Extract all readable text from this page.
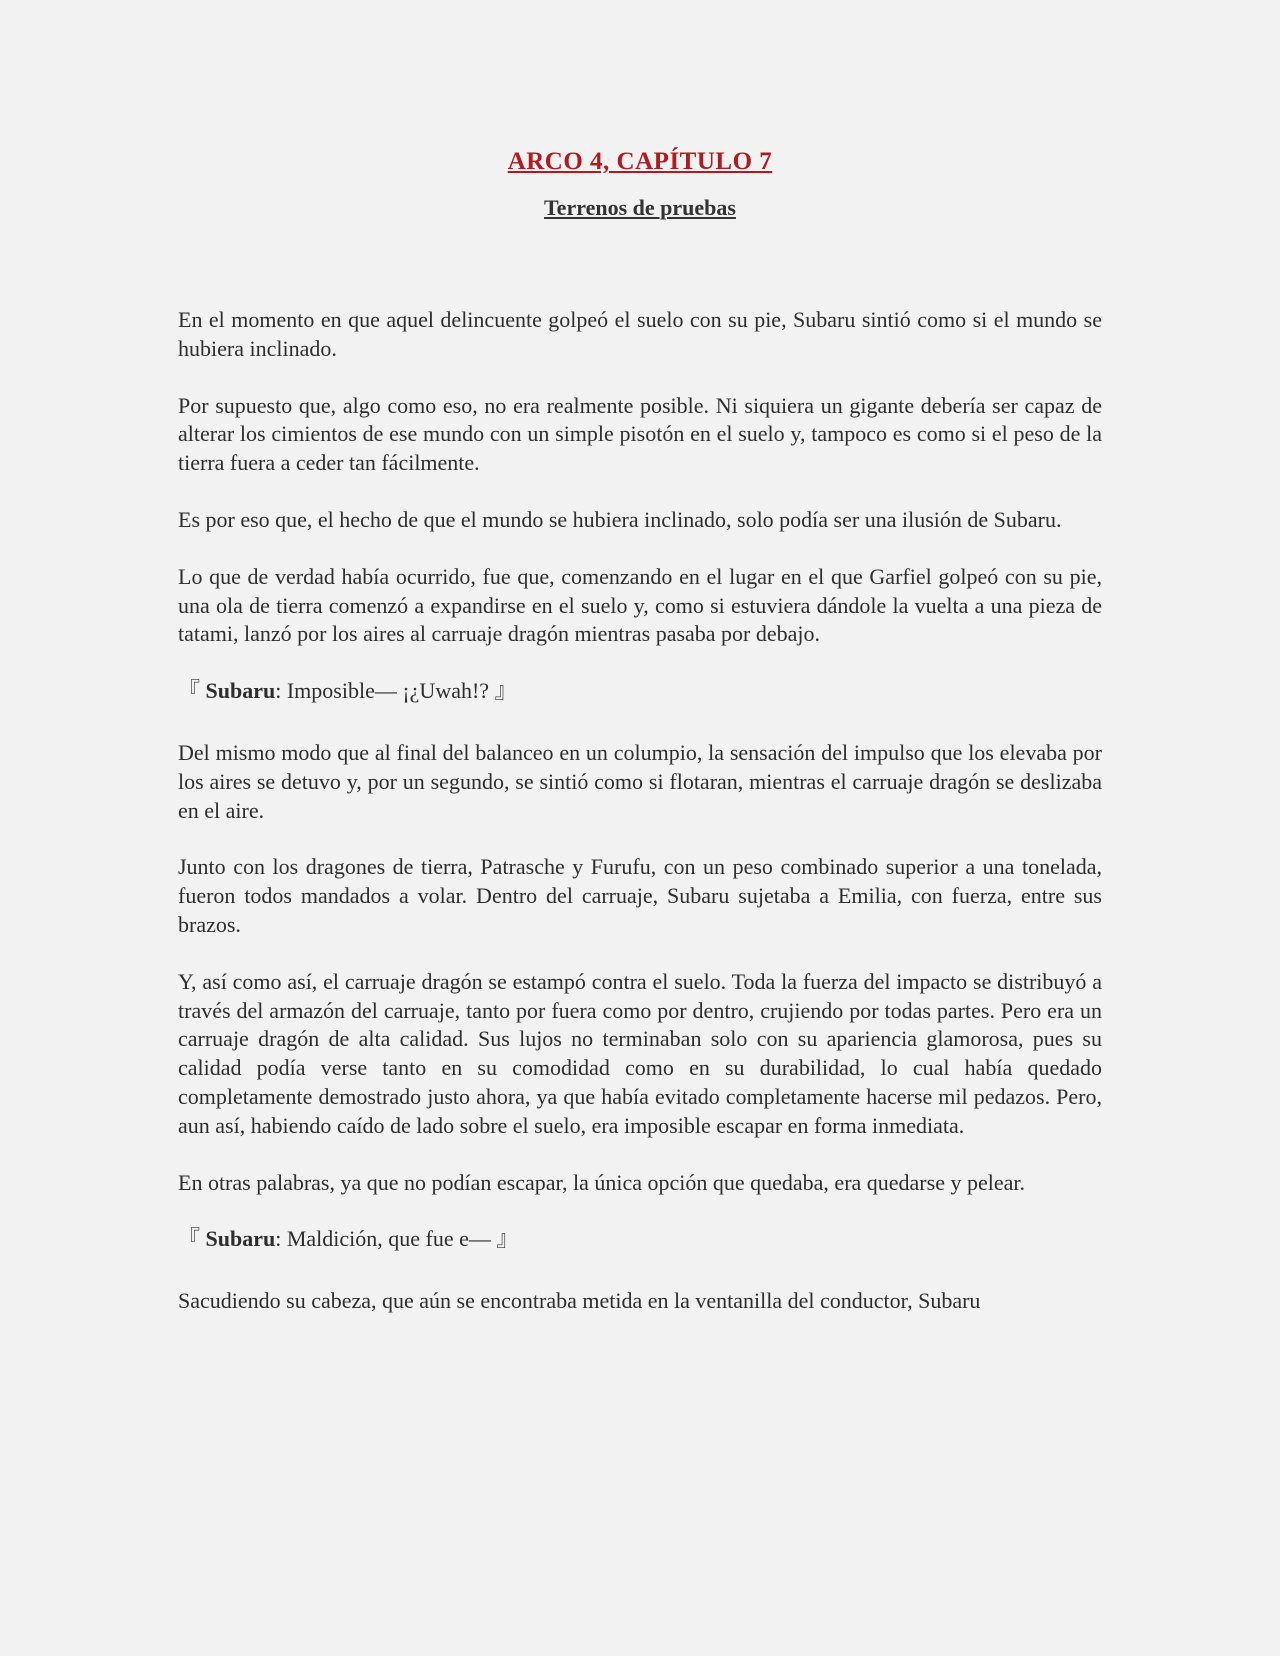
ARCO 4, CAPÍTULO 7
Terrenos de pruebas

En el momento en que aquel delincuente golpeó el suelo con su pie, Subaru sintió como si el mundo se hubiera inclinado.

Por supuesto que, algo como eso, no era realmente posible. Ni siquiera un gigante debería ser capaz de alterar los cimientos de ese mundo con un simple pisotón en el suelo y, tampoco es como si el peso de la tierra fuera a ceder tan fácilmente.

Es por eso que, el hecho de que el mundo se hubiera inclinado, solo podía ser una ilusión de Subaru.

Lo que de verdad había ocurrido, fue que, comenzando en el lugar en el que Garfiel golpeó con su pie, una ola de tierra comenzó a expandirse en el suelo y, como si estuviera dándole la vuelta a una pieza de tatami, lanzó por los aires al carruaje dragón mientras pasaba por debajo.

『 Subaru: Imposible— ¡¿Uwah!? 』

Del mismo modo que al final del balanceo en un columpio, la sensación del impulso que los elevaba por los aires se detuvo y, por un segundo, se sintió como si flotaran, mientras el carruaje dragón se deslizaba en el aire.

Junto con los dragones de tierra, Patrasche y Furufu, con un peso combinado superior a una tonelada, fueron todos mandados a volar. Dentro del carruaje, Subaru sujetaba a Emilia, con fuerza, entre sus brazos.

Y, así como así, el carruaje dragón se estampó contra el suelo. Toda la fuerza del impacto se distribuyó a través del armazón del carruaje, tanto por fuera como por dentro, crujiendo por todas partes. Pero era un carruaje dragón de alta calidad. Sus lujos no terminaban solo con su apariencia glamorosa, pues su calidad podía verse tanto en su comodidad como en su durabilidad, lo cual había quedado completamente demostrado justo ahora, ya que había evitado completamente hacerse mil pedazos. Pero, aun así, habiendo caído de lado sobre el suelo, era imposible escapar en forma inmediata.

En otras palabras, ya que no podían escapar, la única opción que quedaba, era quedarse y pelear.

『 Subaru: Maldición, que fue e— 』

Sacudiendo su cabeza, que aún se encontraba metida en la ventanilla del conductor, Subaru
